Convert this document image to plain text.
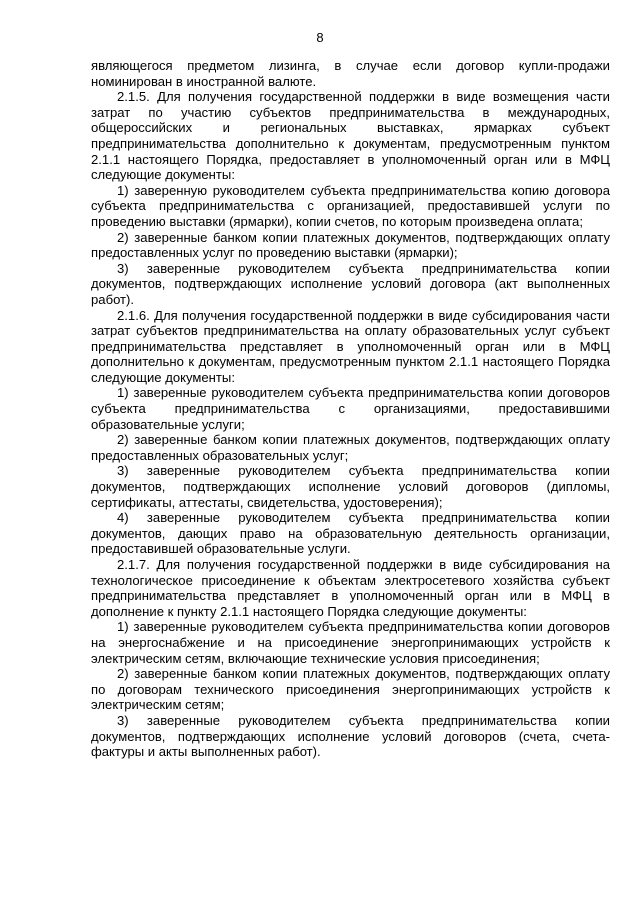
8

являющегося предметом лизинга, в случае если договор купли-продажи номинирован в иностранной валюте.

2.1.5. Для получения государственной поддержки в виде возмещения части затрат по участию субъектов предпринимательства в международных, общероссийских и региональных выставках, ярмарках субъект предпринимательства дополнительно к документам, предусмотренным пунктом 2.1.1 настоящего Порядка, предоставляет в уполномоченный орган или в МФЦ следующие документы:

1) заверенную руководителем субъекта предпринимательства копию договора субъекта предпринимательства с организацией, предоставившей услуги по проведению выставки (ярмарки), копии счетов, по которым произведена оплата;

2) заверенные банком копии платежных документов, подтверждающих оплату предоставленных услуг по проведению выставки (ярмарки);

3) заверенные руководителем субъекта предпринимательства копии документов, подтверждающих исполнение условий договора (акт выполненных работ).

2.1.6. Для получения государственной поддержки в виде субсидирования части затрат субъектов предпринимательства на оплату образовательных услуг субъект предпринимательства представляет в уполномоченный орган или в МФЦ дополнительно к документам, предусмотренным пунктом 2.1.1 настоящего Порядка следующие документы:

1) заверенные руководителем субъекта предпринимательства копии договоров субъекта предпринимательства с организациями, предоставившими образовательные услуги;

2) заверенные банком копии платежных документов, подтверждающих оплату предоставленных образовательных услуг;

3) заверенные руководителем субъекта предпринимательства копии документов, подтверждающих исполнение условий договоров (дипломы, сертификаты, аттестаты, свидетельства, удостоверения);

4) заверенные руководителем субъекта предпринимательства копии документов, дающих право на образовательную деятельность организации, предоставившей образовательные услуги.

2.1.7. Для получения государственной поддержки в виде субсидирования на технологическое присоединение к объектам электросетевого хозяйства субъект предпринимательства представляет в уполномоченный орган или в МФЦ в дополнение к пункту 2.1.1 настоящего Порядка следующие документы:

1) заверенные руководителем субъекта предпринимательства копии договоров на энергоснабжение и на присоединение энергопринимающих устройств к электрическим сетям, включающие технические условия присоединения;

2) заверенные банком копии платежных документов, подтверждающих оплату по договорам технического присоединения энергопринимающих устройств к электрическим сетям;

3) заверенные руководителем субъекта предпринимательства копии документов, подтверждающих исполнение условий договоров (счета, счета-фактуры и акты выполненных работ).
